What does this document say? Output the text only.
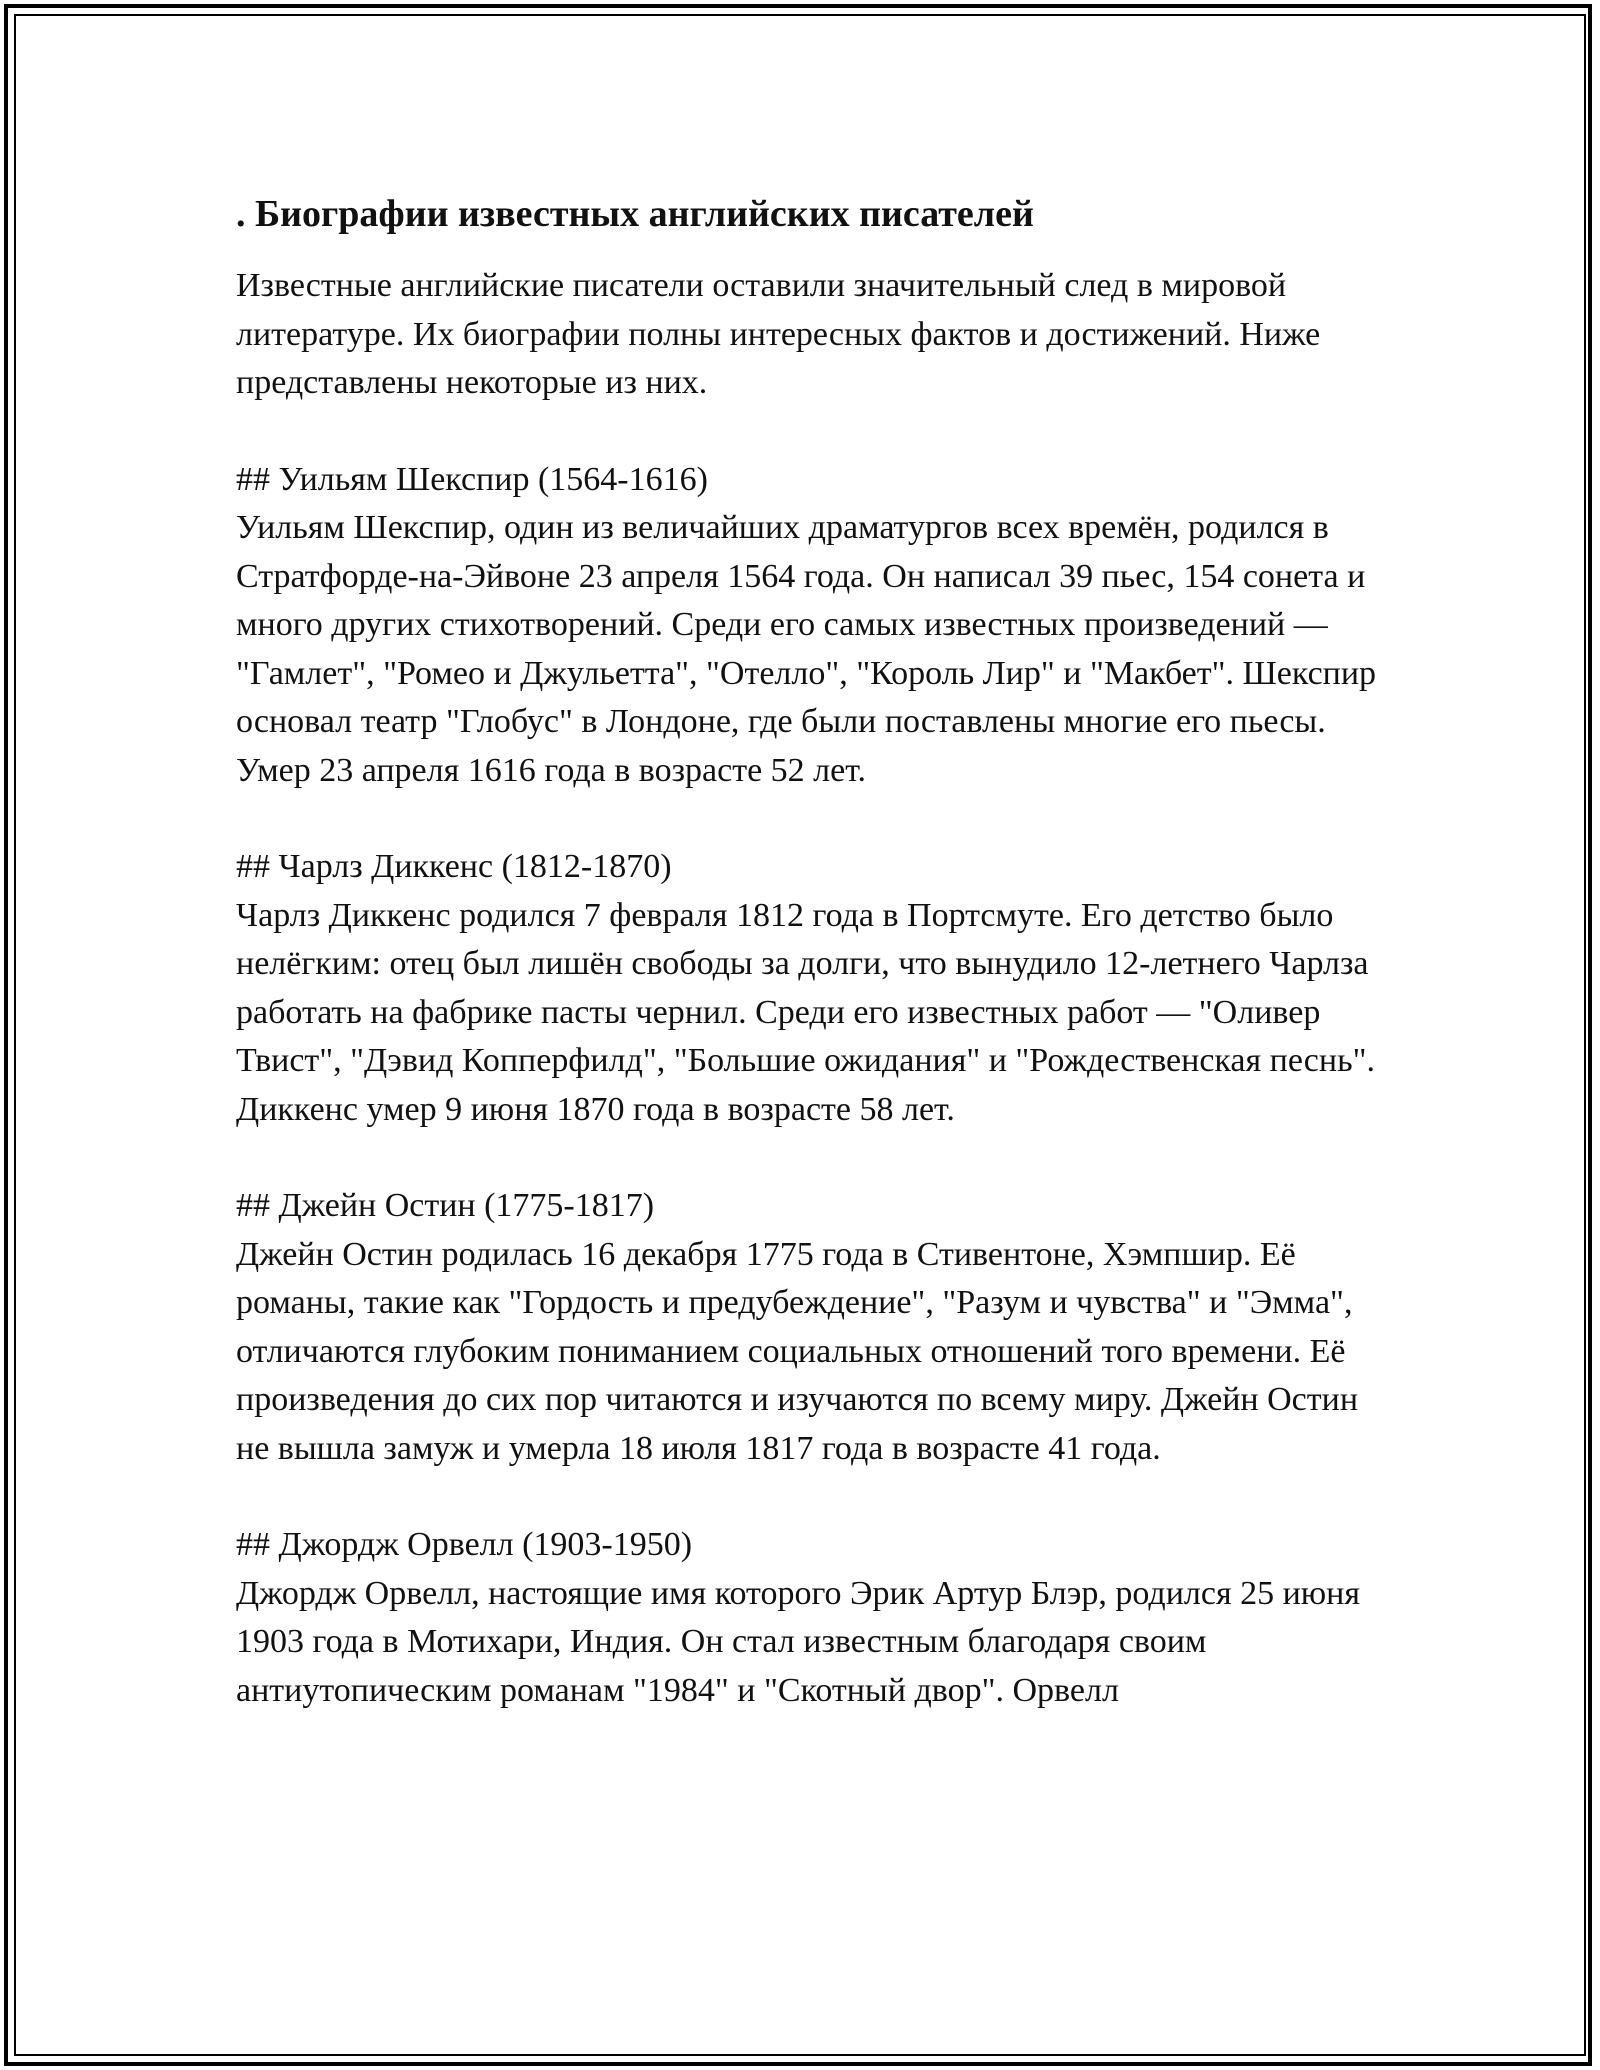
. Биографии известных английских писателей

Известные английские писатели оставили значительный след в мировой литературе. Их биографии полны интересных фактов и достижений. Ниже представлены некоторые из них.

## Уильям Шекспир (1564-1616)

Уильям Шекспир, один из величайших драматургов всех времён, родился в Стратфорде-на-Эйвоне 23 апреля 1564 года. Он написал 39 пьес, 154 сонета и много других стихотворений. Среди его самых известных произведений — "Гамлет", "Ромео и Джульетта", "Отелло", "Король Лир" и "Макбет". Шекспир основал театр "Глобус" в Лондоне, где были поставлены многие его пьесы. Умер 23 апреля 1616 года в возрасте 52 лет.

## Чарлз Диккенс (1812-1870)

Чарлз Диккенс родился 7 февраля 1812 года в Портсмуте. Его детство было нелёгким: отец был лишён свободы за долги, что вынудило 12-летнего Чарлза работать на фабрике пасты чернил. Среди его известных работ — "Оливер Твист", "Дэвид Копперфилд", "Большие ожидания" и "Рождественская песнь". Диккенс умер 9 июня 1870 года в возрасте 58 лет.

## Джейн Остин (1775-1817)

Джейн Остин родилась 16 декабря 1775 года в Стивентоне, Хэмпшир. Её романы, такие как "Гордость и предубеждение", "Разум и чувства" и "Эмма", отличаются глубоким пониманием социальных отношений того времени. Её произведения до сих пор читаются и изучаются по всему миру. Джейн Остин не вышла замуж и умерла 18 июля 1817 года в возрасте 41 года.

## Джордж Орвелл (1903-1950)

Джордж Орвелл, настоящие имя которого Эрик Артур Блэр, родился 25 июня 1903 года в Мотихари, Индия. Он стал известным благодаря своим антиутопическим романам "1984" и "Скотный двор". Орвелл
